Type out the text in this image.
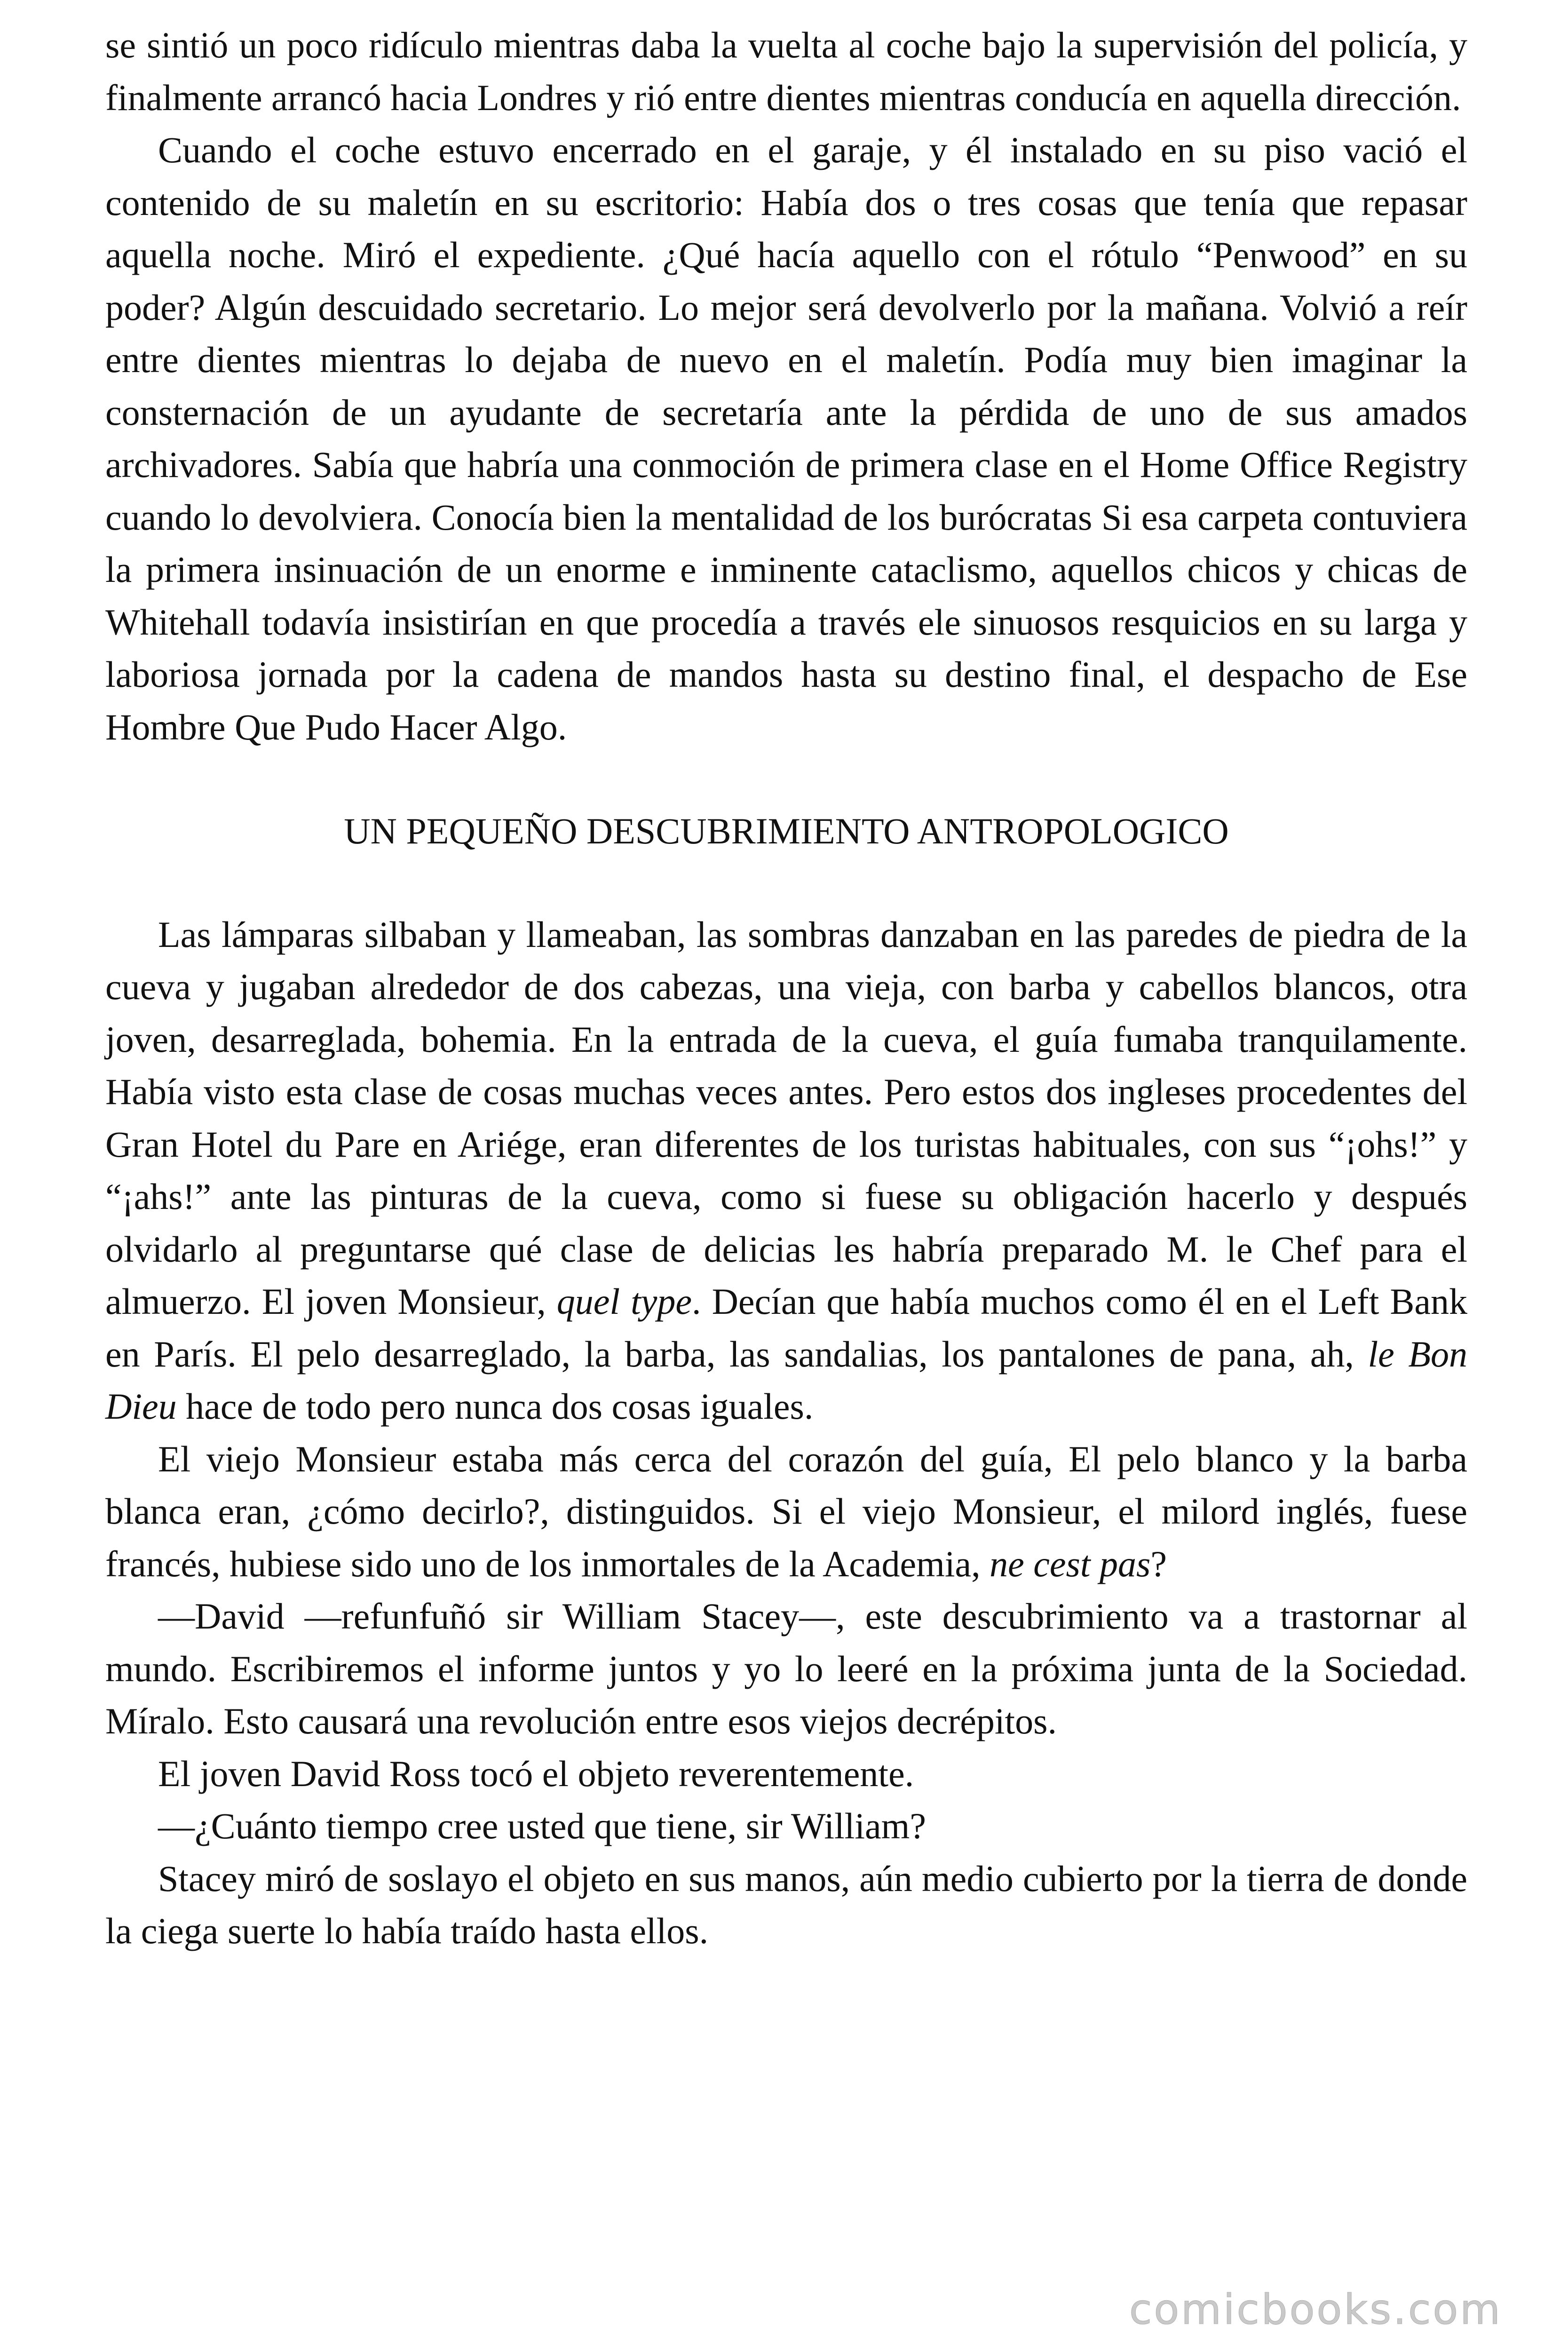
se sintió un poco ridículo mientras daba la vuelta al coche bajo la supervisión del policía, y finalmente arrancó hacia Londres y rió entre dientes mientras conducía en aquella dirección.

Cuando el coche estuvo encerrado en el garaje, y él instalado en su piso vació el contenido de su maletín en su escritorio: Había dos o tres cosas que tenía que repasar aquella noche. Miró el expediente. ¿Qué hacía aquello con el rótulo “Penwood” en su poder? Algún descuidado secretario. Lo mejor será devolverlo por la mañana. Volvió a reír entre dientes mientras lo dejaba de nuevo en el maletín. Podía muy bien imaginar la consternación de un ayudante de secretaría ante la pérdida de uno de sus amados archivadores. Sabía que habría una conmoción de primera clase en el Home Office Registry cuando lo devolviera. Conocía bien la mentalidad de los burócratas Si esa carpeta contuviera la primera insinuación de un enorme e inminente cataclismo, aquellos chicos y chicas de Whitehall todavía insistirían en que procedía a través ele sinuosos resquicios en su larga y laboriosa jornada por la cadena de mandos hasta su destino final, el despacho de Ese Hombre Que Pudo Hacer Algo.

UN PEQUEÑO DESCUBRIMIENTO ANTROPOLOGICO

Las lámparas silbaban y llameaban, las sombras danzaban en las paredes de piedra de la cueva y jugaban alrededor de dos cabezas, una vieja, con barba y cabellos blancos, otra joven, desarreglada, bohemia. En la entrada de la cueva, el guía fumaba tranquilamente. Había visto esta clase de cosas muchas veces antes. Pero estos dos ingleses procedentes del Gran Hotel du Pare en Ariége, eran diferentes de los turistas habituales, con sus “¡ohs!” y “¡ahs!” ante las pinturas de la cueva, como si fuese su obligación hacerlo y después olvidarlo al preguntarse qué clase de delicias les habría preparado M. le Chef para el almuerzo. El joven Monsieur, quel type. Decían que había muchos como él en el Left Bank en París. El pelo desarreglado, la barba, las sandalias, los pantalones de pana, ah, le Bon Dieu hace de todo pero nunca dos cosas iguales.

El viejo Monsieur estaba más cerca del corazón del guía, El pelo blanco y la barba blanca eran, ¿cómo decirlo?, distinguidos. Si el viejo Monsieur, el milord inglés, fuese francés, hubiese sido uno de los inmortales de la Academia, ne cest pas?

—David —refunfuñó sir William Stacey—, este descubrimiento va a trastornar al mundo. Escribiremos el informe juntos y yo lo leeré en la próxima junta de la Sociedad. Míralo. Esto causará una revolución entre esos viejos decrépitos.

El joven David Ross tocó el objeto reverentemente.

—¿Cuánto tiempo cree usted que tiene, sir William?

Stacey miró de soslayo el objeto en sus manos, aún medio cubierto por la tierra de donde la ciega suerte lo había traído hasta ellos.

comicbooks.com
